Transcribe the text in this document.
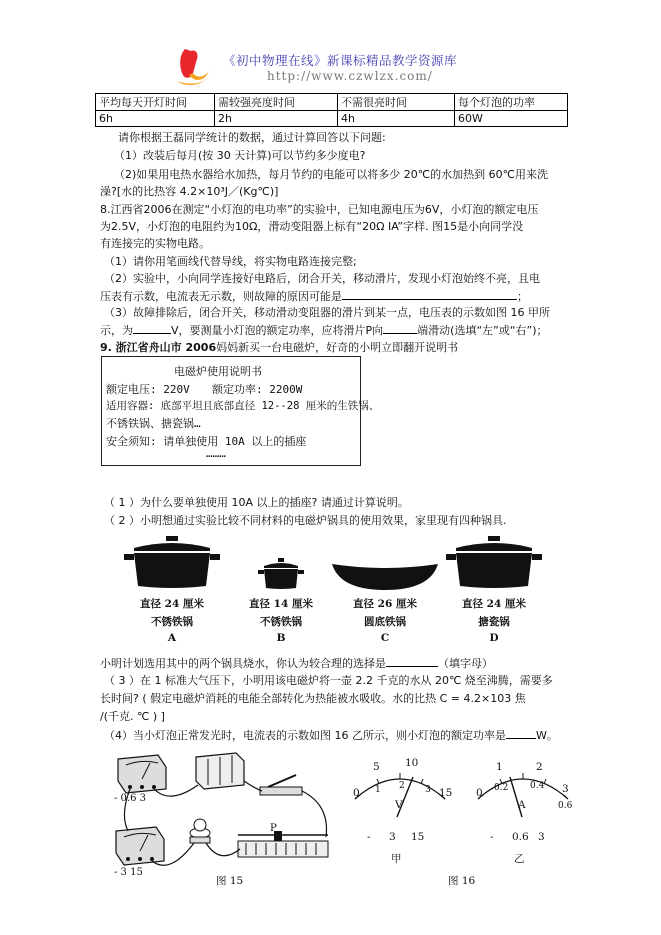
《初中物理在线》新课标精品教学资源库
http://www.czwlzx.com/
平均每天开灯时间	需较强亮度时间	不需很亮时间	每个灯泡的功率
6h	2h	4h	60W
请你根据王磊同学统计的数据，通过计算回答以下问题:
（1）改装后每月(按 30 天计算)可以节约多少度电?
（2)如果用电热水器给水加热，每月节约的电能可以将多少 20℃的水加热到 60℃用来洗
澡?[水的比热容 4.2×10³J／(Kg℃)]
8.江西省2006在测定“小灯泡的电功率”的实验中，已知电源电压为6V，小灯泡的额定电压
为2.5V，小灯泡的电阻约为10Ω，滑动变阻器上标有“20Ω IA”字样. 图15是小向同学没
有连接完的实物电路。
（1）请你用笔画线代替导线，将实物电路连接完整;
（2）实验中，小向同学连接好电路后，闭合开关，移动滑片，发现小灯泡始终不亮，且电
压表有示数，电流表无示数，则故障的原因可能是	；
（3）故障排除后，闭合开关，移动滑动变阻器的滑片到某一点，电压表的示数如图 16 甲所
示，为	V，要测量小灯泡的额定功率，应将滑片P向	端滑动(选填“左”或“右”)；
9. 浙江省舟山市 2006妈妈新买一台电磁炉，好奇的小明立即翻开说明书
电磁炉使用说明书
额定电压: 220V 额定功率: 2200W
适用容器: 底部平坦且底部直径 12--28 厘米的生铁锅、
不锈铁锅、搪瓷锅…
安全须知: 请单独使用 10A 以上的插座
………
（ 1 ）为什么要单独使用 10A 以上的插座? 请通过计算说明。
（ 2 ）小明想通过实验比较不同材料的电磁炉锅具的使用效果，家里现有四种锅具.
直径 24 厘米
不锈铁锅
A
直径 14 厘米
不锈铁锅
B
直径 26 厘米
圆底铁锅
C
直径 24 厘米
搪瓷锅
D
小明计划选用其中的两个锅具烧水，你认为较合理的选择是	（填字母）
（ 3 ）在 1 标准大气压下，小明用该电磁炉将一壶 2.2 千克的水从 20℃ 烧至沸腾，需要多
长时间? ( 假定电磁炉消耗的电能全部转化为热能被水吸收。水的比热 C = 4.2×103 焦
/(千克. ℃ ) ]
（4）当小灯泡正常发光时，电流表的示数如图 16 乙所示，则小灯泡的额定功率是	W。
- 0.6 3
- 3 15
P
图 15
0
5 10
15
1 2 3
V
- 3 15
甲
0
1	2
3
0.2 0.4
0.6
A
- 0.6 3
乙
图 16
